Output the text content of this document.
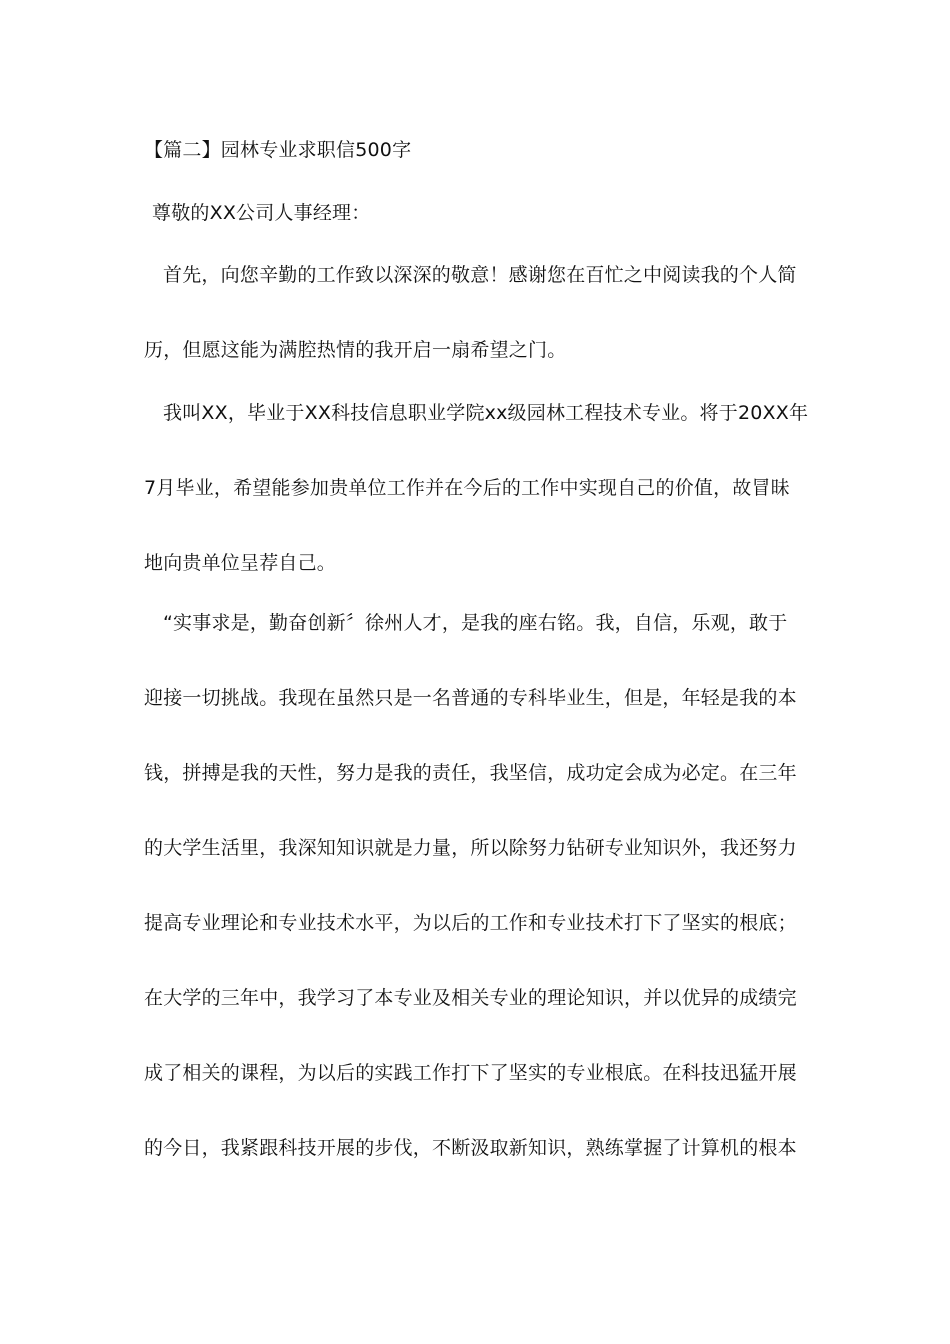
【篇二】园林专业求职信500字
尊敬的XX公司人事经理：
首先，向您辛勤的工作致以深深的敬意！感谢您在百忙之中阅读我的个人简
历，但愿这能为满腔热情的我开启一扇希望之门。
我叫XX，毕业于XX科技信息职业学院xx级园林工程技术专业。将于20XX年
7月毕业，希望能参加贵单位工作并在今后的工作中实现自己的价值，故冒昧
地向贵单位呈荐自己。
“实事求是，勤奋创新〞徐州人才，是我的座右铭。我，自信，乐观，敢于
迎接一切挑战。我现在虽然只是一名普通的专科毕业生，但是，年轻是我的本
钱，拼搏是我的天性，努力是我的责任，我坚信，成功定会成为必定。在三年
的大学生活里，我深知知识就是力量，所以除努力钻研专业知识外，我还努力
提高专业理论和专业技术水平，为以后的工作和专业技术打下了坚实的根底；
在大学的三年中，我学习了本专业及相关专业的理论知识，并以优异的成绩完
成了相关的课程，为以后的实践工作打下了坚实的专业根底。在科技迅猛开展
的今日，我紧跟科技开展的步伐，不断汲取新知识，熟练掌握了计算机的根本
